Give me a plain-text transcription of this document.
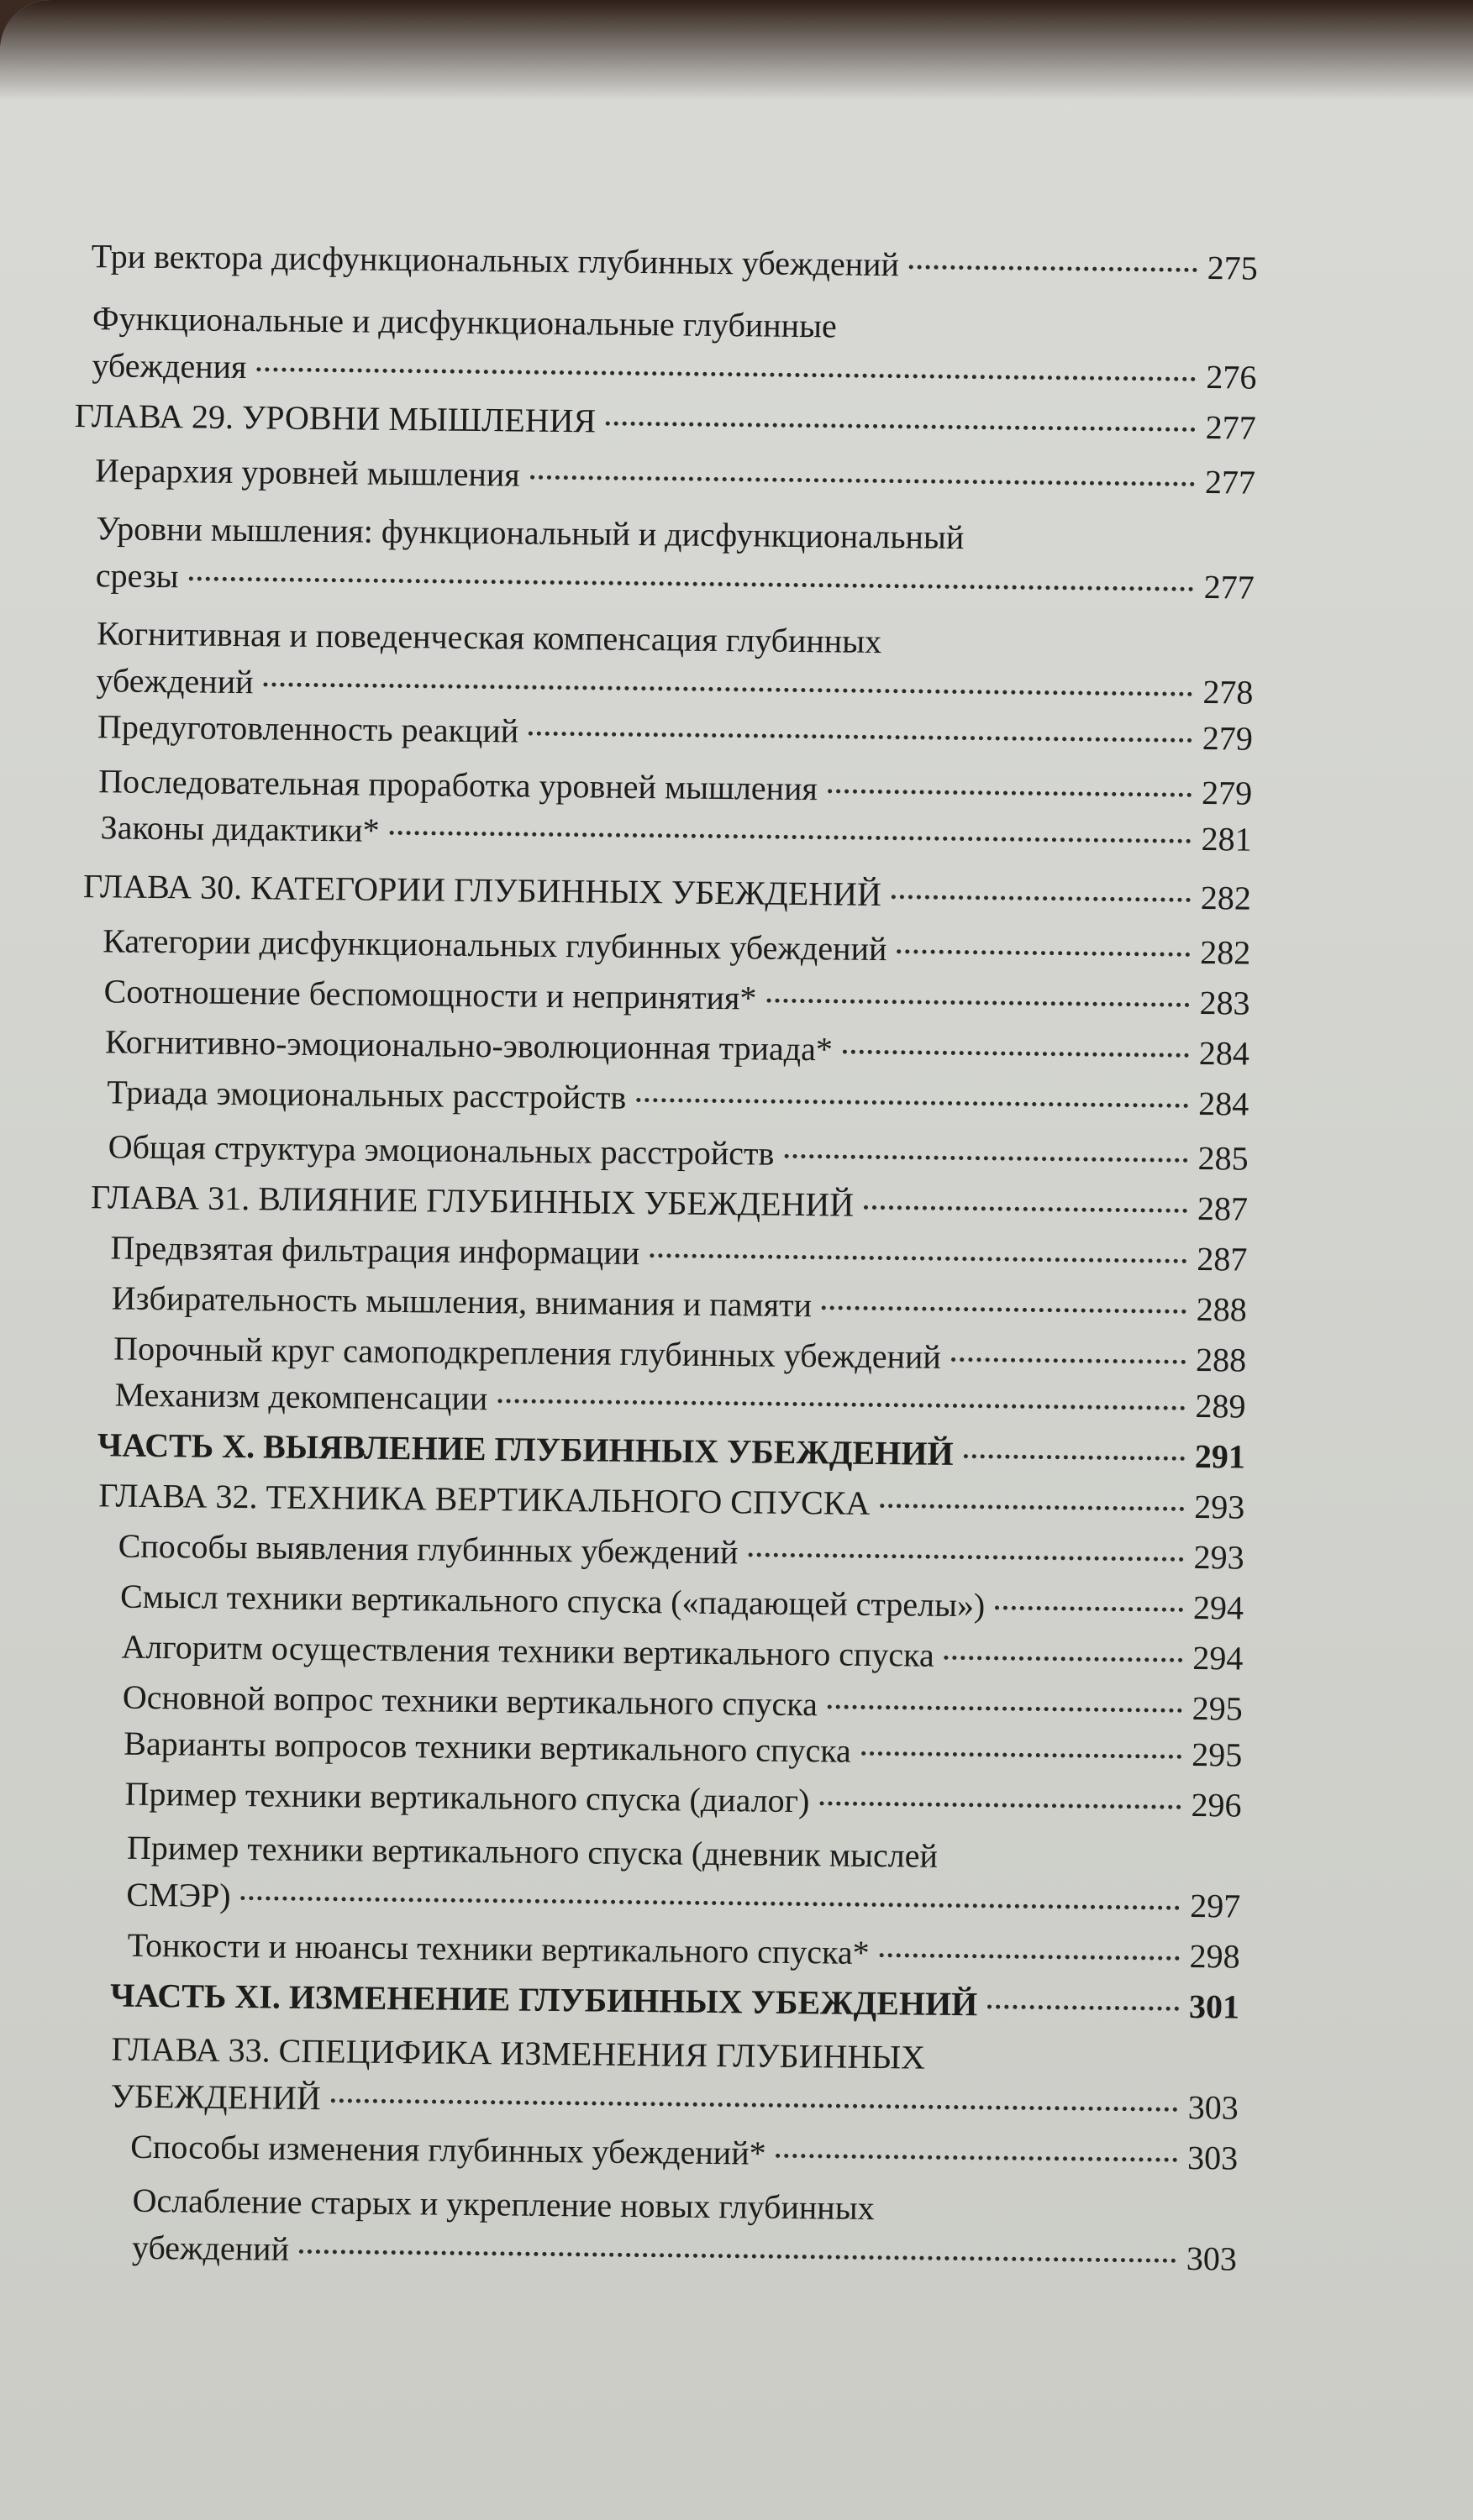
Три вектора дисфункциональных глубинных убеждений	275
Функциональные и дисфункциональные глубинные
убеждения	276
ГЛАВА 29. УРОВНИ МЫШЛЕНИЯ	277
Иерархия уровней мышления	277
Уровни мышления: функциональный и дисфункциональный
срезы	277
Когнитивная и поведенческая компенсация глубинных
убеждений	278
Предуготовленность реакций	279
Последовательная проработка уровней мышления	279
Законы дидактики*	281
ГЛАВА 30. КАТЕГОРИИ ГЛУБИННЫХ УБЕЖДЕНИЙ	282
Категории дисфункциональных глубинных убеждений	282
Соотношение беспомощности и непринятия*	283
Когнитивно-эмоционально-эволюционная триада*	284
Триада эмоциональных расстройств	284
Общая структура эмоциональных расстройств	285
ГЛАВА 31. ВЛИЯНИЕ ГЛУБИННЫХ УБЕЖДЕНИЙ	287
Предвзятая фильтрация информации	287
Избирательность мышления, внимания и памяти	288
Порочный круг самоподкрепления глубинных убеждений	288
Механизм декомпенсации	289
ЧАСТЬ X. ВЫЯВЛЕНИЕ ГЛУБИННЫХ УБЕЖДЕНИЙ	291
ГЛАВА 32. ТЕХНИКА ВЕРТИКАЛЬНОГО СПУСКА	293
Способы выявления глубинных убеждений	293
Смысл техники вертикального спуска («падающей стрелы»)	294
Алгоритм осуществления техники вертикального спуска	294
Основной вопрос техники вертикального спуска	295
Варианты вопросов техники вертикального спуска	295
Пример техники вертикального спуска (диалог)	296
Пример техники вертикального спуска (дневник мыслей
СМЭР)	297
Тонкости и нюансы техники вертикального спуска*	298
ЧАСТЬ XI. ИЗМЕНЕНИЕ ГЛУБИННЫХ УБЕЖДЕНИЙ	301
ГЛАВА 33. СПЕЦИФИКА ИЗМЕНЕНИЯ ГЛУБИННЫХ
УБЕЖДЕНИЙ	303
Способы изменения глубинных убеждений*	303
Ослабление старых и укрепление новых глубинных
убеждений	303
